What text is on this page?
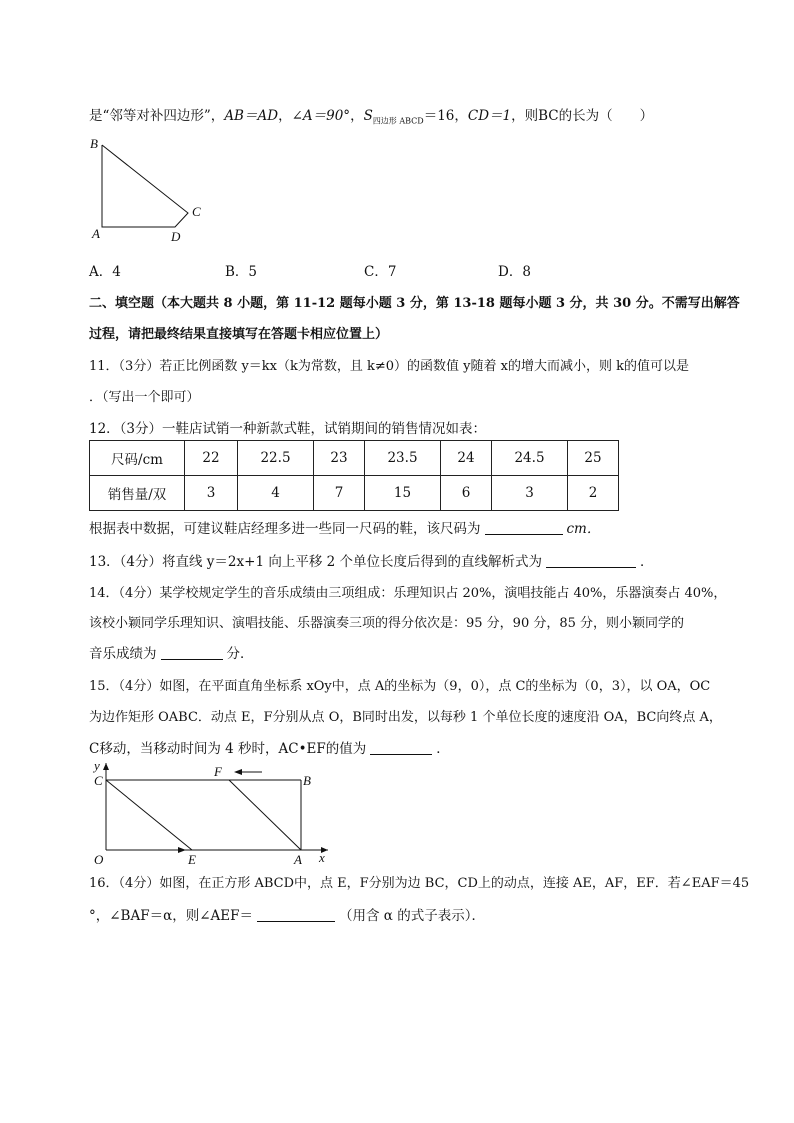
是“邻等对补四边形”，AB＝AD，∠A＝90°，$S_{四边形 ABCD}=16$，CD＝1，则BC的长为（　　）
B
A
C
D
A．4	B．5	C．7	D．8
二、填空题（本大题共 8 小题，第 11-12 题每小题 3 分，第 13-18 题每小题 3 分，共 30 分。不需写出解答
过程，请把最终结果直接填写在答题卡相应位置上）
11．（3分）若正比例函数 y＝kx（k为常数，且 k≠0）的函数值 y随着 x的增大而减小，则 k的值可以是
．（写出一个即可）
12．（3分）一鞋店试销一种新款式鞋，试销期间的销售情况如表：
尺码/cm	22	22.5	23	23.5	24	24.5	25
销售量/双	3	4	7	15	6	3	2
根据表中数据，可建议鞋店经理多进一些同一尺码的鞋，该尺码为	cm．
13．（4分）将直线 y＝2x+1 向上平移 2 个单位长度后得到的直线解析式为	．
14．（4分）某学校规定学生的音乐成绩由三项组成：乐理知识占 20%，演唱技能占 40%，乐器演奏占 40%，
该校小颖同学乐理知识、演唱技能、乐器演奏三项的得分依次是：95 分，90 分，85 分，则小颖同学的
音乐成绩为	分．
15．（4分）如图，在平面直角坐标系 xOy中，点 A的坐标为（9，0），点 C的坐标为（0，3），以 OA，OC
为边作矩形 OABC．动点 E，F分别从点 O，B同时出发，以每秒 1 个单位长度的速度沿 OA，BC向终点 A，
C移动，当移动时间为 4 秒时，AC•EF的值为	．
y
x
C
F
B
O	E	A
16．（4分）如图，在正方形 ABCD中，点 E，F分别为边 BC，CD上的动点，连接 AE，AF，EF．若∠EAF＝45
°，∠BAF＝α，则∠AEF＝	（用含 α 的式子表示）．
